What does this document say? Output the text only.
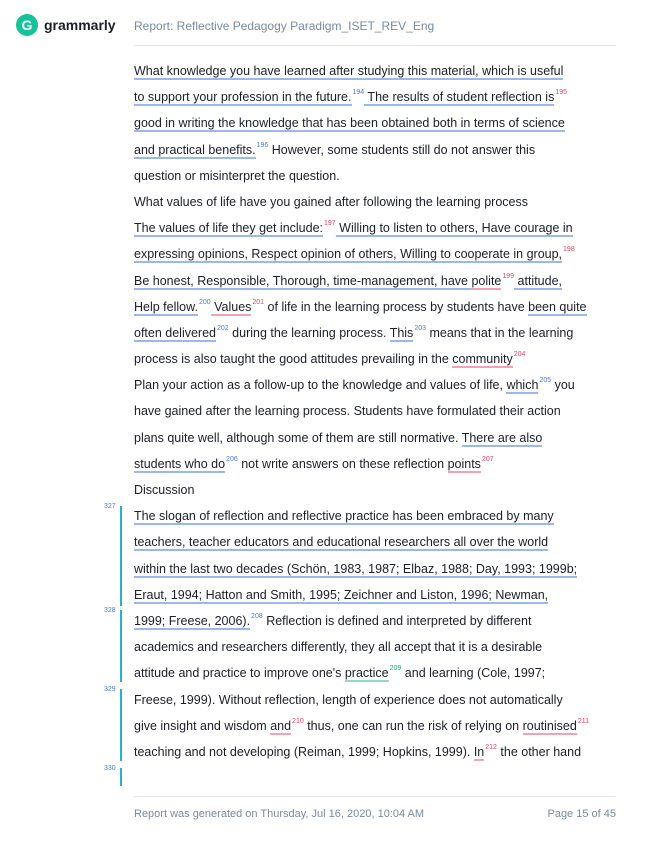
G grammarly Report: Reflective Pedagogy Paradigm_ISET_REV_Eng
What knowledge you have learned after studying this material, which is useful
to support your profession in the future.$^{194}$ The results of student reflection $is^{195}$
good in writing the knowledge that has been obtained both in terms of science
and practical benefits.$^{196}$ However, some students still do not answer this
question or misinterpret the question.
What values of life have you gained after following the learning process
The values of life they get include:$^{197}$ Willing to listen to others, Have courage in
expressing opinions, Respect opinion of others, Willing to cooperate in group,$^{198}$
Be honest, Responsible, Thorough, time-management, have polite$^{199}$ attitude,
Help fellow.$^{200}$ Values$^{201}$ of life in the learning process by students have been quite
often delivered$^{202}$ during the learning process. This$^{203}$ means that in the learning
process is also taught the good attitudes prevailing in the community$^{204}$
Plan your action as a follow-up to the knowledge and values of life, which$^{205}$ you
have gained after the learning process. Students have formulated their action
plans quite well, although some of them are still normative. There are also
students who $do^{206}$ not write answers on these reflection points$^{207}$
Discussion
The slogan of reflection and reflective practice has been embraced by many
teachers, teacher educators and educational researchers all over the world
within the last two decades (Schön, 1983, 1987; Elbaz, 1988; Day, 1993; 1999b;
Eraut, 1994; Hatton and Smith, 1995; Zeichner and Liston, 1996; Newman,
1999; Freese, 2006).$^{208}$ Reflection is defined and interpreted by different
academics and researchers differently, they all accept that it is a desirable
attitude and practice to improve one's practice$^{209}$ and learning (Cole, 1997;
Freese, 1999). Without reflection, length of experience does not automatically
give insight and wisdom and$^{210}$ thus, one can run the risk of relying on routinised$^{211}$
teaching and not developing (Reiman, 1999; Hopkins, 1999). In$^{212}$ the other hand
327
328
329
330
Report was generated on Thursday, Jul 16, 2020, 10:04 AM	Page 15 of 45
